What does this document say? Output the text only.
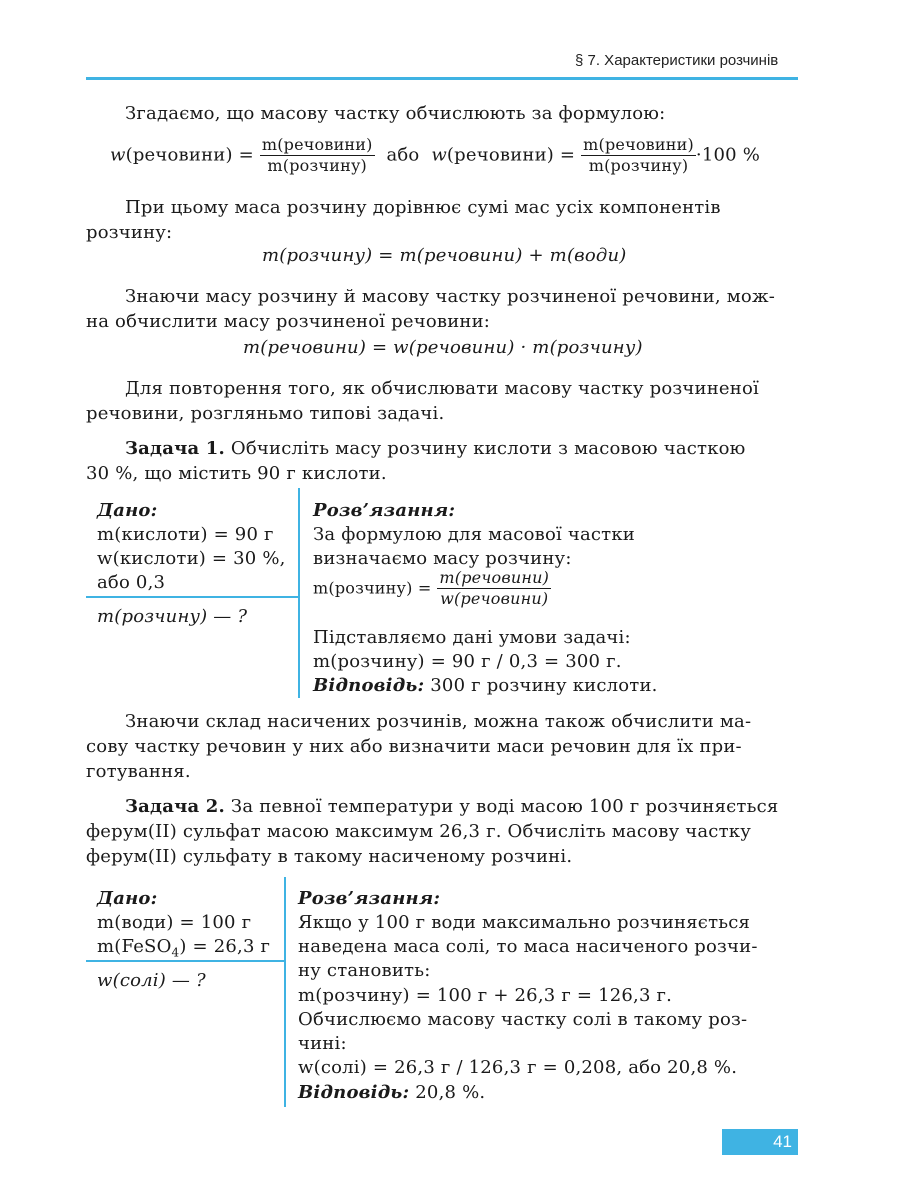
§ 7. Характеристики розчинів
Згадаємо, що масову частку обчислюють за формулою:
w(речовини) = $\frac{\text{m(речовини)}}{\text{m(розчину)}}$ або w(речовини) = $\frac{\text{m(речовини)}}{\text{m(розчину)}} \cdot 100$ %
При цьому маса розчину дорівнює сумі мас усіх компонентів
розчину:
m(розчину) = m(речовини) + m(води)
Знаючи масу розчину й масову частку розчиненої речовини, мож-
на обчислити масу розчиненої речовини:
m(речовини) = w(речовини) · m(розчину)
Для повторення того, як обчислювати масову частку розчиненої
речовини, розгляньмо типові задачі.
Задача 1. Обчисліть масу розчину кислоти з масовою часткою
30 %, що містить 90 г кислоти.
Дано:
m(кислоти) = 90 г
w(кислоти) = 30 %,
або 0,3
m(розчину) — ?
Розв’язання:
За формулою для масової частки
визначаємо масу розчину:
m(розчину) = $\frac{\text{m(речовини)}}{\text{w(речовини)}}$
Підставляємо дані умови задачі:
m(розчину) = 90 г / 0,3 = 300 г.
Відповідь: 300 г розчину кислоти.
Знаючи склад насичених розчинів, можна також обчислити ма-
сову частку речовин у них або визначити маси речовин для їх при-
готування.
Задача 2. За певної температури у воді масою 100 г розчиняється
ферум(II) сульфат масою максимум 26,3 г. Обчисліть масову частку
ферум(II) сульфату в такому насиченому розчині.
Дано:
m(води) = 100 г
m(FeSO$_4$) = 26,3 г
w(солі) — ?
Розв’язання:
Якщо у 100 г води максимально розчиняється
наведена маса солі, то маса насиченого розчи-
ну становить:
m(розчину) = 100 г + 26,3 г = 126,3 г.
Обчислюємо масову частку солі в такому роз-
чині:
w(солі) = 26,3 г / 126,3 г = 0,208, або 20,8 %.
Відповідь: 20,8 %.
41
